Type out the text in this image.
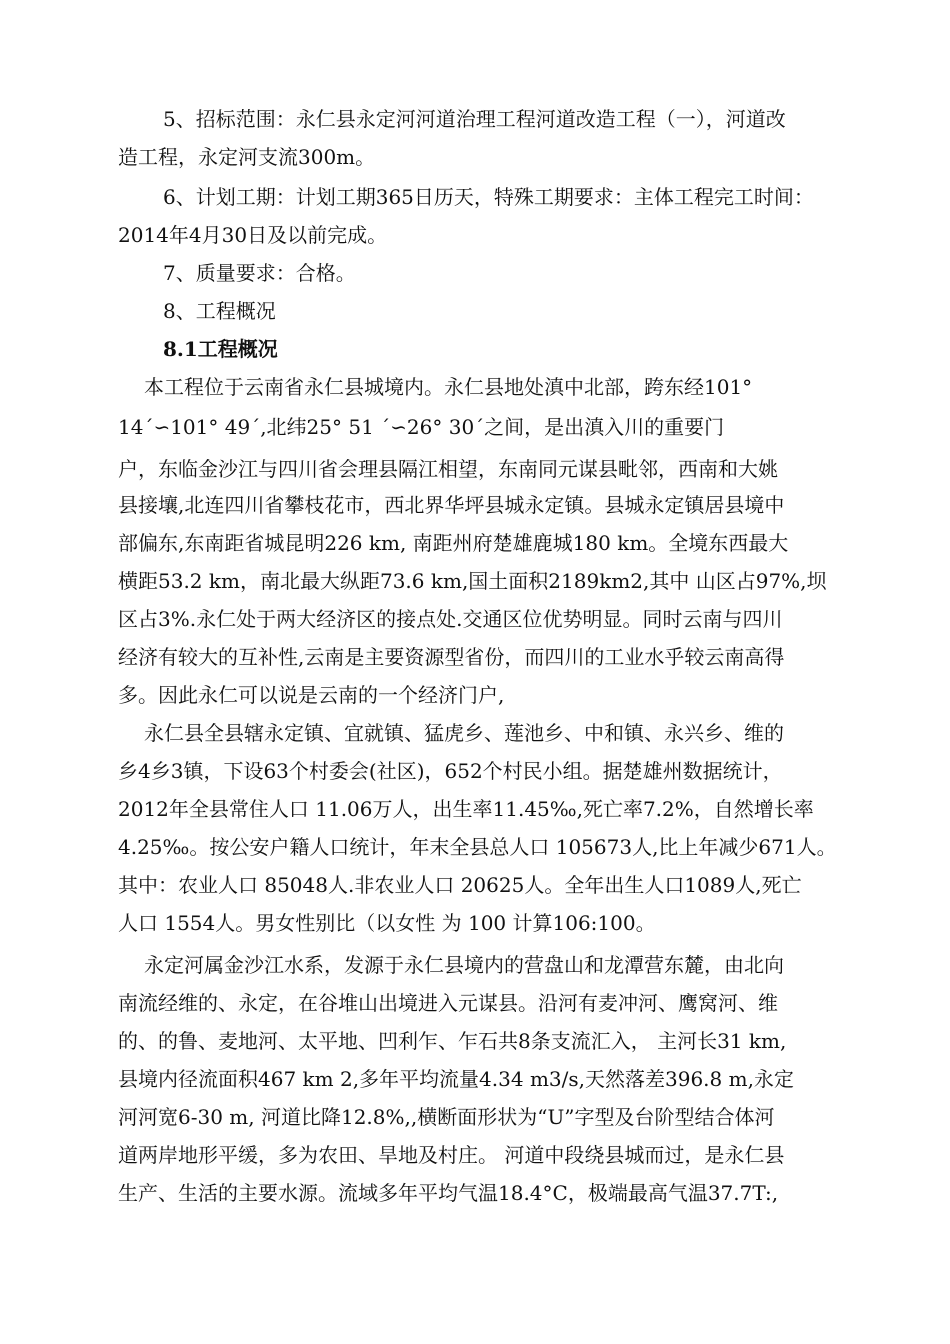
5、招标范围：永仁县永定河河道治理工程河道改造工程（一），河道改
造工程，永定河支流300m。
6、计划工期：计划工期365日历天，特殊工期要求：主体工程完工时间：
2014年4月30日及以前完成。
7、质量要求：合格。
8、工程概况
8.1工程概况
本工程位于云南省永仁县城境内。永仁县地处滇中北部，跨东经101°
14´∽101° 49´,北纬25° 51 ´∽26° 30´之间，是出滇入川的重要门
户，东临金沙江与四川省会理县隔江相望，东南同元谋县毗邻，西南和大姚
县接壤,北连四川省攀枝花市，西北界华坪县城永定镇。县城永定镇居县境中
部偏东,东南距省城昆明226 km, 南距州府楚雄鹿城180 km。全境东西最大
横距53.2 km，南北最大纵距73.6 km,国土面积2189km2,其中 山区占97%,坝
区占3%.永仁处于两大经济区的接点处.交通区位优势明显。同时云南与四川
经济有较大的互补性,云南是主要资源型省份，而四川的工业水乎较云南高得
多。因此永仁可以说是云南的一个经济门户,
永仁县全县辖永定镇、宜就镇、猛虎乡、莲池乡、中和镇、永兴乡、维的
乡4乡3镇，下设63个村委会(社区)，652个村民小组。据楚雄州数据统计，
2012年全县常住人口 11.06万人，出生率11.45‰,死亡率7.2%，自然增长率
4.25‰。按公安户籍人口统计，年末全县总人口 105673人,比上年减少671人。
其中：农业人口 85048人.非农业人口 20625人。全年出生人口1089人,死亡
人口 1554人。男女性别比（以女性 为 100 计算106:100。
永定河属金沙江水系，发源于永仁县境内的营盘山和龙潭营东麓，由北向
南流经维的、永定，在谷堆山出境进入元谋县。沿河有麦冲河、鹰窝河、维
的、的鲁、麦地河、太平地、凹利乍、乍石共8条支流汇入， 主河长31 km,
县境内径流面积467 km 2,多年平均流量4.34 m3/s,天然落差396.8 m,永定
河河宽6-30 m, 河道比降12.8%,,横断面形状为“U”字型及台阶型结合体河
道两岸地形平缓，多为农田、旱地及村庄。 河道中段绕县城而过，是永仁县
生产、生活的主要水源。流域多年平均气温18.4°C，极端最高气温37.7T:,
